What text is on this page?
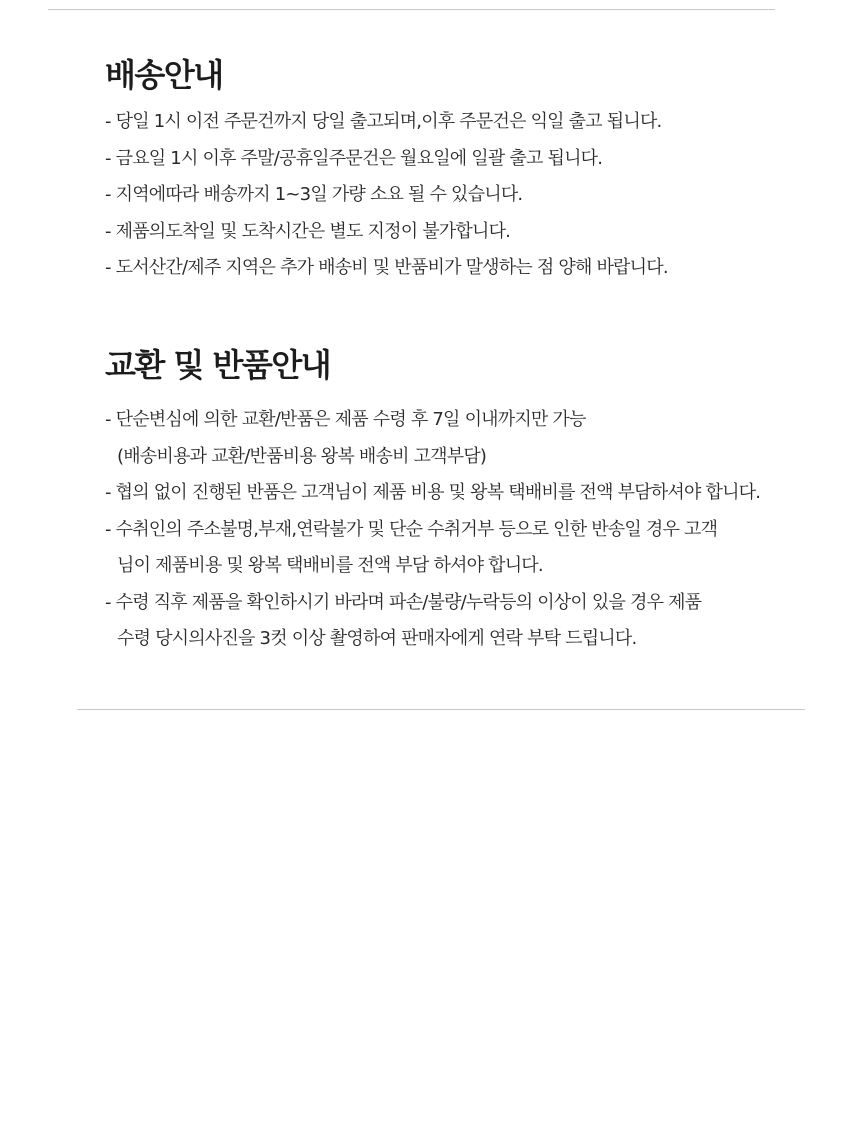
배송안내
- 당일 1시 이전 주문건까지 당일 출고되며,이후 주문건은 익일 출고 됩니다.
- 금요일 1시 이후 주말/공휴일주문건은 월요일에 일괄 출고 됩니다.
- 지역에따라 배송까지 1~3일 가량 소요 될 수 있습니다.
- 제품의도착일 및 도착시간은 별도 지정이 불가합니다.
- 도서산간/제주 지역은 추가 배송비 및 반품비가 말생하는 점 양해 바랍니다.
교환 및 반품안내
- 단순변심에 의한 교환/반품은 제품 수령 후 7일 이내까지만 가능
(배송비용과 교환/반품비용 왕복 배송비 고객부담)
- 협의 없이 진행된 반품은 고객님이 제품 비용 및 왕복 택배비를 전액 부담하셔야 합니다.
- 수취인의 주소불명,부재,연락불가 및 단순 수취거부 등으로 인한 반송일 경우 고객
님이 제품비용 및 왕복 택배비를 전액 부담 하셔야 합니다.
- 수령 직후 제품을 확인하시기 바라며 파손/불량/누락등의 이상이 있을 경우 제품
수령 당시의사진을 3컷 이상 촬영하여 판매자에게 연락 부탁 드립니다.
